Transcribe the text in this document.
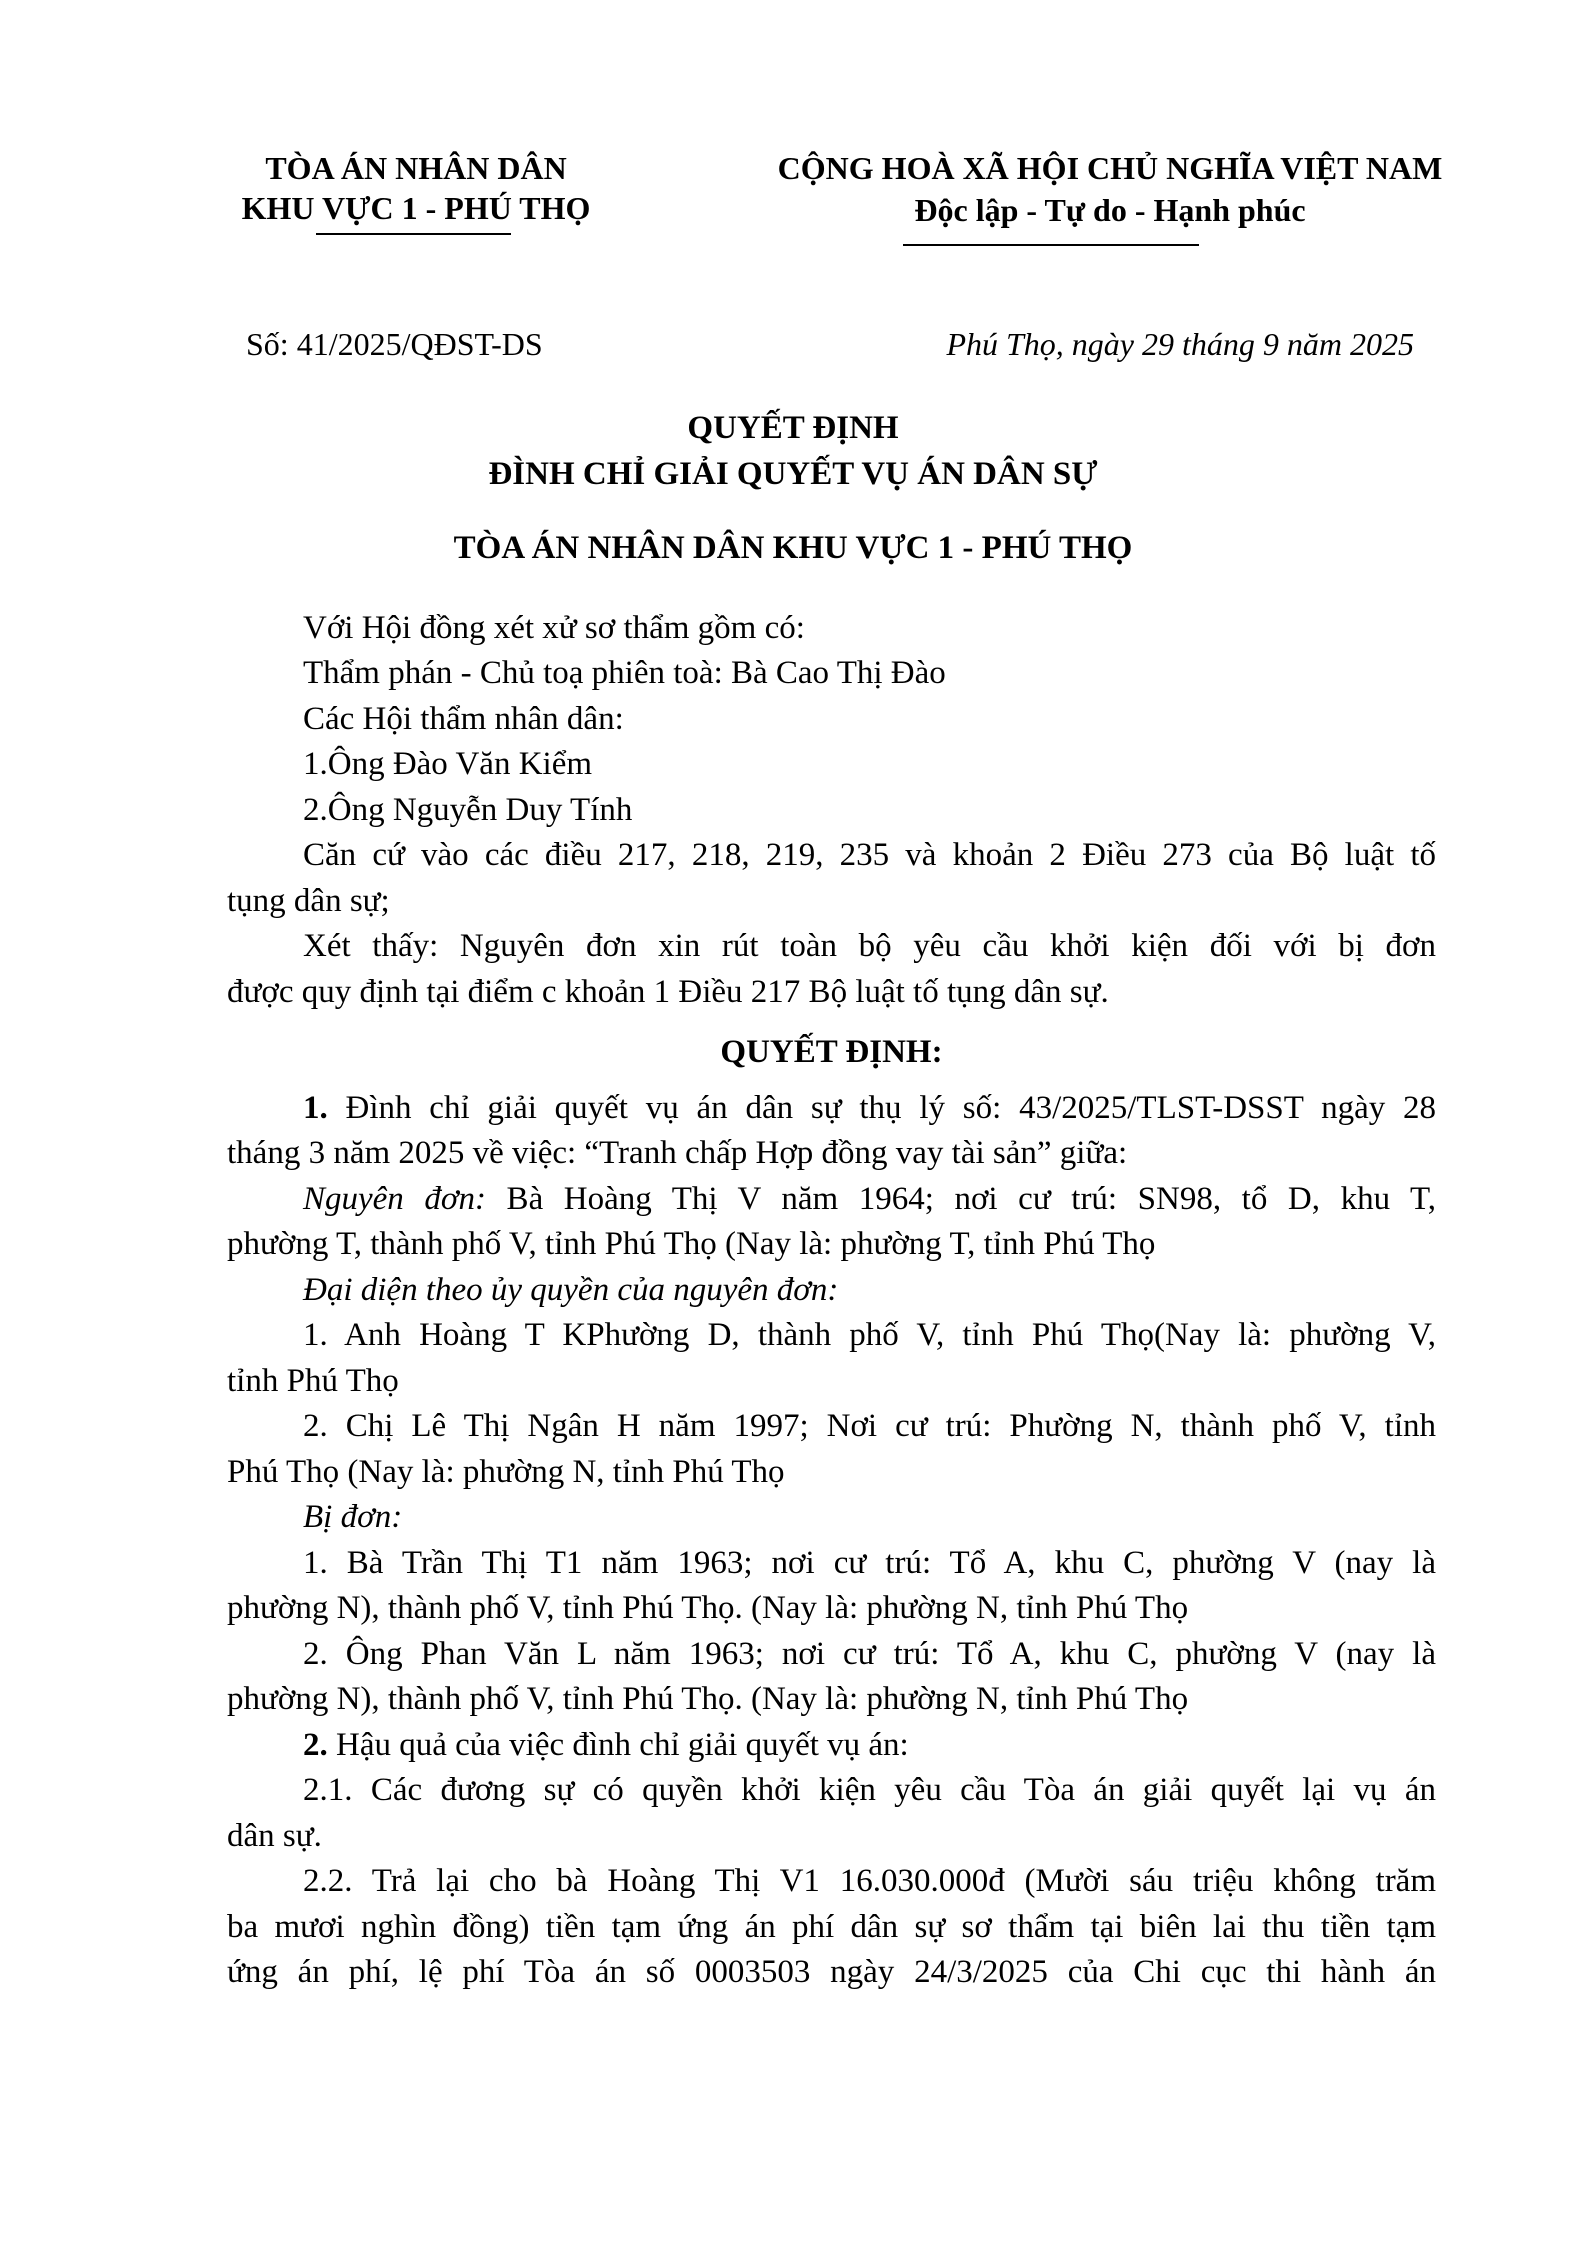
TÒA ÁN NHÂN DÂN
KHU VỰC 1 - PHÚ THỌ
CỘNG HOÀ XÃ HỘI CHỦ NGHĨA VIỆT NAM
Độc lập - Tự do - Hạnh phúc
Số: 41/2025/QĐST-DS	Phú Thọ, ngày 29 tháng 9 năm 2025
QUYẾT ĐỊNH
ĐÌNH CHỈ GIẢI QUYẾT VỤ ÁN DÂN SỰ
TÒA ÁN NHÂN DÂN KHU VỰC 1 - PHÚ THỌ
Với Hội đồng xét xử sơ thẩm gồm có:
Thẩm phán - Chủ toạ phiên toà: Bà Cao Thị Đào
Các Hội thẩm nhân dân:
1.Ông Đào Văn Kiểm
2.Ông Nguyễn Duy Tính
Căn cứ vào các điều 217, 218, 219, 235 và khoản 2 Điều 273 của Bộ luật tố
tụng dân sự;
Xét thấy: Nguyên đơn xin rút toàn bộ yêu cầu khởi kiện đối với bị đơn
được quy định tại điểm c khoản 1 Điều 217 Bộ luật tố tụng dân sự.
QUYẾT ĐỊNH:
1. Đình chỉ giải quyết vụ án dân sự thụ lý số: 43/2025/TLST-DSST ngày 28
tháng 3 năm 2025 về việc: “Tranh chấp Hợp đồng vay tài sản” giữa:
Nguyên đơn: Bà Hoàng Thị V năm 1964; nơi cư trú: SN98, tổ D, khu T,
phường T, thành phố V, tỉnh Phú Thọ (Nay là: phường T, tỉnh Phú Thọ
Đại diện theo ủy quyền của nguyên đơn:
1. Anh Hoàng T KPhường D, thành phố V, tỉnh Phú Thọ(Nay là: phường V,
tỉnh Phú Thọ
2. Chị Lê Thị Ngân H năm 1997; Nơi cư trú: Phường N, thành phố V, tỉnh
Phú Thọ (Nay là: phường N, tỉnh Phú Thọ
Bị đơn:
1. Bà Trần Thị T1 năm 1963; nơi cư trú: Tổ A, khu C, phường V (nay là
phường N), thành phố V, tỉnh Phú Thọ. (Nay là: phường N, tỉnh Phú Thọ
2. Ông Phan Văn L năm 1963; nơi cư trú: Tổ A, khu C, phường V (nay là
phường N), thành phố V, tỉnh Phú Thọ. (Nay là: phường N, tỉnh Phú Thọ
2. Hậu quả của việc đình chỉ giải quyết vụ án:
2.1. Các đương sự có quyền khởi kiện yêu cầu Tòa án giải quyết lại vụ án
dân sự.
2.2. Trả lại cho bà Hoàng Thị V1 16.030.000đ (Mười sáu triệu không trăm
ba mươi nghìn đồng) tiền tạm ứng án phí dân sự sơ thẩm tại biên lai thu tiền tạm
ứng án phí, lệ phí Tòa án số 0003503 ngày 24/3/2025 của Chi cục thi hành án
